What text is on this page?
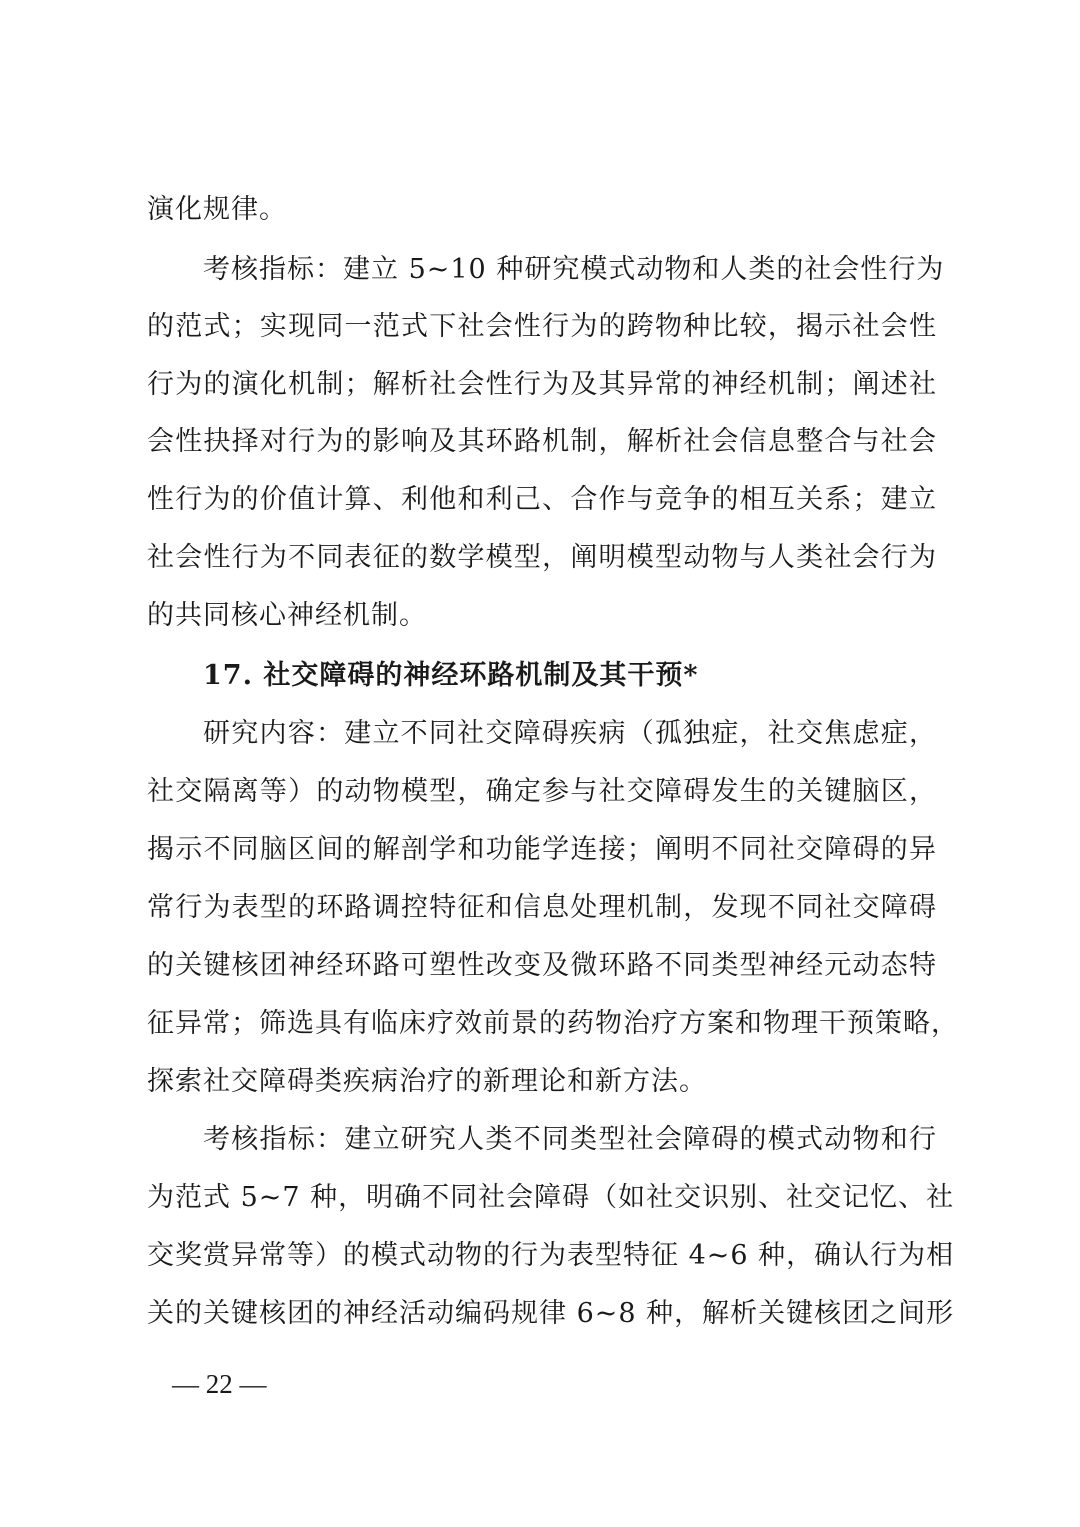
演化规律。
考核指标：建立 5~10 种研究模式动物和人类的社会性行为
的范式；实现同一范式下社会性行为的跨物种比较，揭示社会性
行为的演化机制；解析社会性行为及其异常的神经机制；阐述社
会性抉择对行为的影响及其环路机制，解析社会信息整合与社会
性行为的价值计算、利他和利己、合作与竞争的相互关系；建立
社会性行为不同表征的数学模型，阐明模型动物与人类社会行为
的共同核心神经机制。
17. 社交障碍的神经环路机制及其干预*
研究内容：建立不同社交障碍疾病（孤独症，社交焦虑症，
社交隔离等）的动物模型，确定参与社交障碍发生的关键脑区，
揭示不同脑区间的解剖学和功能学连接；阐明不同社交障碍的异
常行为表型的环路调控特征和信息处理机制，发现不同社交障碍
的关键核团神经环路可塑性改变及微环路不同类型神经元动态特
征异常；筛选具有临床疗效前景的药物治疗方案和物理干预策略，
探索社交障碍类疾病治疗的新理论和新方法。
考核指标：建立研究人类不同类型社会障碍的模式动物和行
为范式 5~7 种，明确不同社会障碍（如社交识别、社交记忆、社
交奖赏异常等）的模式动物的行为表型特征 4~6 种，确认行为相
关的关键核团的神经活动编码规律 6~8 种，解析关键核团之间形
— 22 —
